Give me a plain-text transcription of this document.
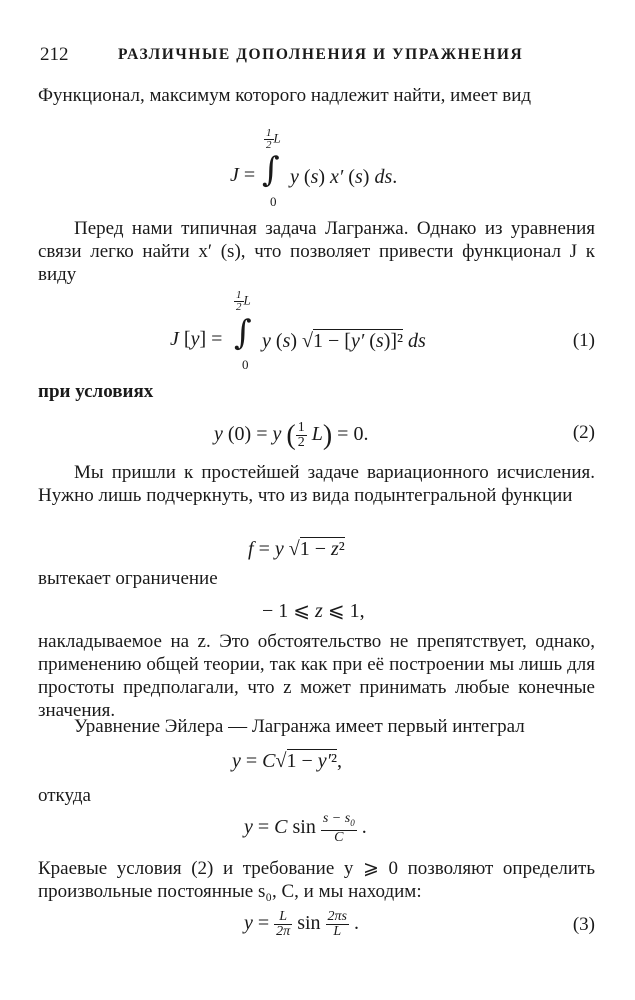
212	РАЗЛИЧНЫЕ ДОПОЛНЕНИЯ И УПРАЖНЕНИЯ
Функционал, максимум которого надлежит найти, имеет вид
$\frac{1}{2}$ L
J = ∫
0
y (s) x′ (s) ds.
Перед нами типичная задача Лагранжа. Однако из уравнения связи легко найти x′ (s), что позволяет привести функционал J к виду
$\frac{1}{2}$ L
J [y] = ∫
0
y (s) √1 − [y′ (s)]² ds	(1)
при условиях
y (0) = y ( $\frac{1}{2} L) = 0$.	(2)
Мы пришли к простейшей задаче вариационного исчисления. Нужно лишь подчеркнуть, что из вида подынтегральной функции
f = y √1 − z²
вытекает ограничение
− 1 ⩽ z ⩽ 1,
накладываемое на z. Это обстоятельство не препятствует, однако, применению общей теории, так как при её построении мы лишь для простоты предполагали, что z может принимать любые конечные значения.
Уравнение Эйлера — Лагранжа имеет первый интеграл
y = C√1 − y′²,
откуда
y = C $\sin \frac{s - s_0}{C}$ .
Краевые условия (2) и требование y ⩾ 0 позволяют определить произвольные постоянные s₀, C, и мы находим:
$y = \frac{L}{2\pi}$ $\sin \frac{2\pi s}{L}$ .	(3)
